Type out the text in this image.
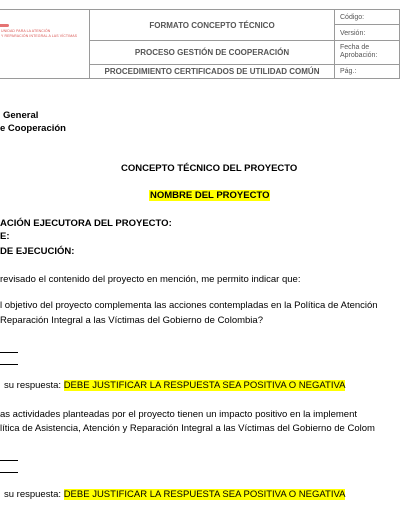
UNIDAD PARA LA ATENCIÓN
Y REPARACIÓN INTEGRAL A LAS VÍCTIMAS
FORMATO CONCEPTO TÉCNICO
PROCESO GESTIÓN DE COOPERACIÓN
PROCEDIMIENTO CERTIFICADOS DE UTILIDAD COMÚN
Código:
Versión:
Fecha de
Aprobación:
Pág.:
General
e Cooperación
CONCEPTO TÉCNICO DEL PROYECTO
NOMBRE DEL PROYECTO
ACIÓN EJECUTORA DEL PROYECTO:
E:
DE EJECUCIÓN:
revisado el contenido del proyecto en mención, me permito indicar que:
l objetivo del proyecto complementa las acciones contempladas en la Política de Atención
Reparación Integral a las Víctimas del Gobierno de Colombia?
su respuesta: DEBE JUSTIFICAR LA RESPUESTA SEA POSITIVA O NEGATIVA
as actividades planteadas por el proyecto tienen un impacto positivo en la implement
lítica de Asistencia, Atención y Reparación Integral a las Víctimas del Gobierno de Colom
su respuesta: DEBE JUSTIFICAR LA RESPUESTA SEA POSITIVA O NEGATIVA
